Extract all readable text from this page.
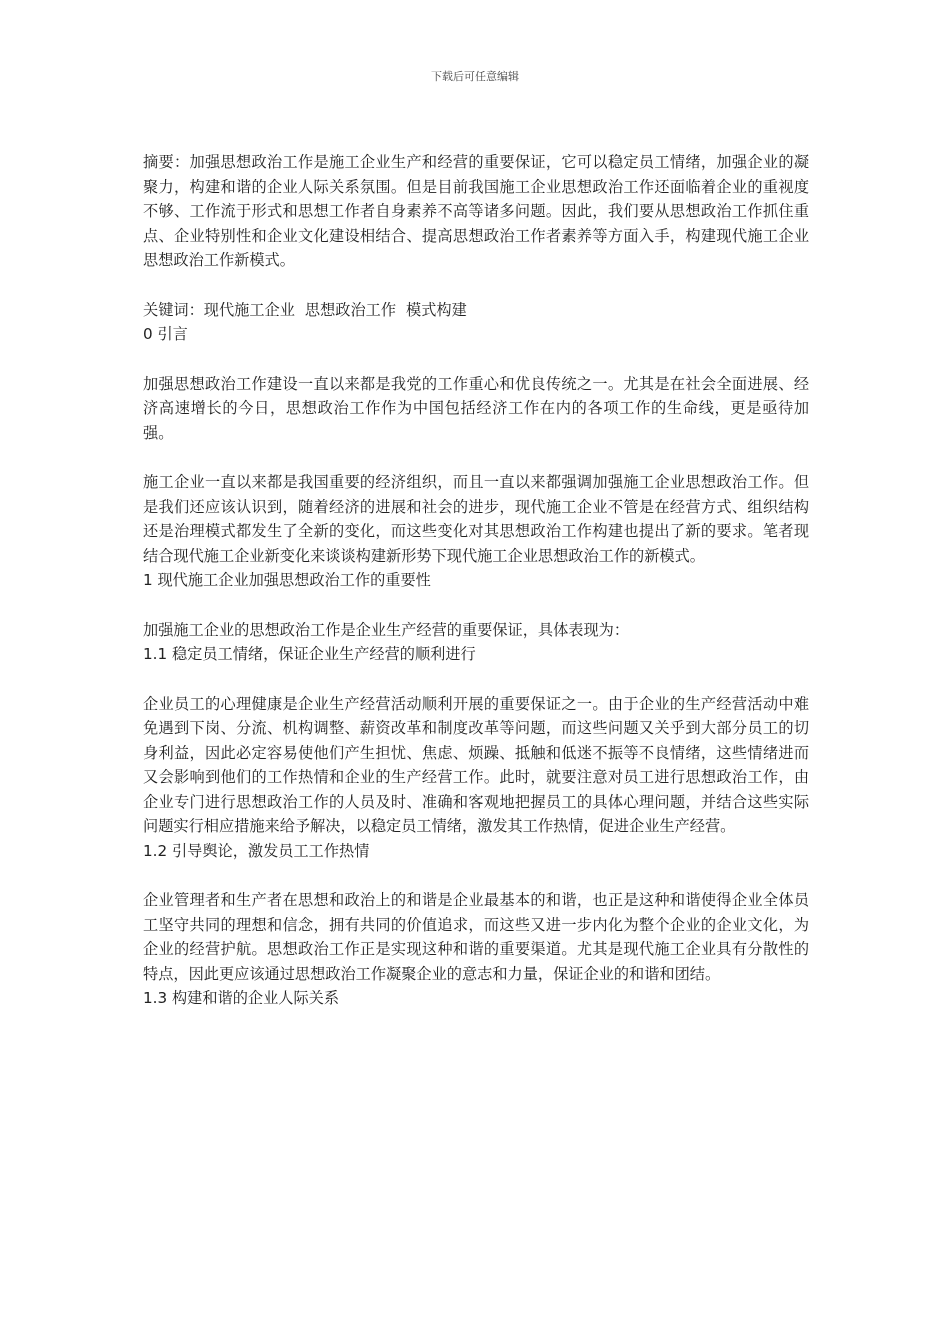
下载后可任意编辑

摘要：加强思想政治工作是施工企业生产和经营的重要保证，它可以稳定员工情绪，加强企业的凝聚力，构建和谐的企业人际关系氛围。但是目前我国施工企业思想政治工作还面临着企业的重视度不够、工作流于形式和思想工作者自身素养不高等诸多问题。因此，我们要从思想政治工作抓住重点、企业特别性和企业文化建设相结合、提高思想政治工作者素养等方面入手，构建现代施工企业思想政治工作新模式。

关键词：现代施工企业 思想政治工作 模式构建

0 引言

加强思想政治工作建设一直以来都是我党的工作重心和优良传统之一。尤其是在社会全面进展、经济高速增长的今日，思想政治工作作为中国包括经济工作在内的各项工作的生命线，更是亟待加强。

施工企业一直以来都是我国重要的经济组织，而且一直以来都强调加强施工企业思想政治工作。但是我们还应该认识到，随着经济的进展和社会的进步，现代施工企业不管是在经营方式、组织结构还是治理模式都发生了全新的变化，而这些变化对其思想政治工作构建也提出了新的要求。笔者现结合现代施工企业新变化来谈谈构建新形势下现代施工企业思想政治工作的新模式。

1 现代施工企业加强思想政治工作的重要性

加强施工企业的思想政治工作是企业生产经营的重要保证，具体表现为：

1.1 稳定员工情绪，保证企业生产经营的顺利进行

企业员工的心理健康是企业生产经营活动顺利开展的重要保证之一。由于企业的生产经营活动中难免遇到下岗、分流、机构调整、薪资改革和制度改革等问题，而这些问题又关乎到大部分员工的切身利益，因此必定容易使他们产生担忧、焦虑、烦躁、抵触和低迷不振等不良情绪，这些情绪进而又会影响到他们的工作热情和企业的生产经营工作。此时，就要注意对员工进行思想政治工作，由企业专门进行思想政治工作的人员及时、准确和客观地把握员工的具体心理问题，并结合这些实际问题实行相应措施来给予解决，以稳定员工情绪，激发其工作热情，促进企业生产经营。

1.2 引导舆论，激发员工工作热情

企业管理者和生产者在思想和政治上的和谐是企业最基本的和谐，也正是这种和谐使得企业全体员工坚守共同的理想和信念，拥有共同的价值追求，而这些又进一步内化为整个企业的企业文化，为企业的经营护航。思想政治工作正是实现这种和谐的重要渠道。尤其是现代施工企业具有分散性的特点，因此更应该通过思想政治工作凝聚企业的意志和力量，保证企业的和谐和团结。

1.3 构建和谐的企业人际关系
